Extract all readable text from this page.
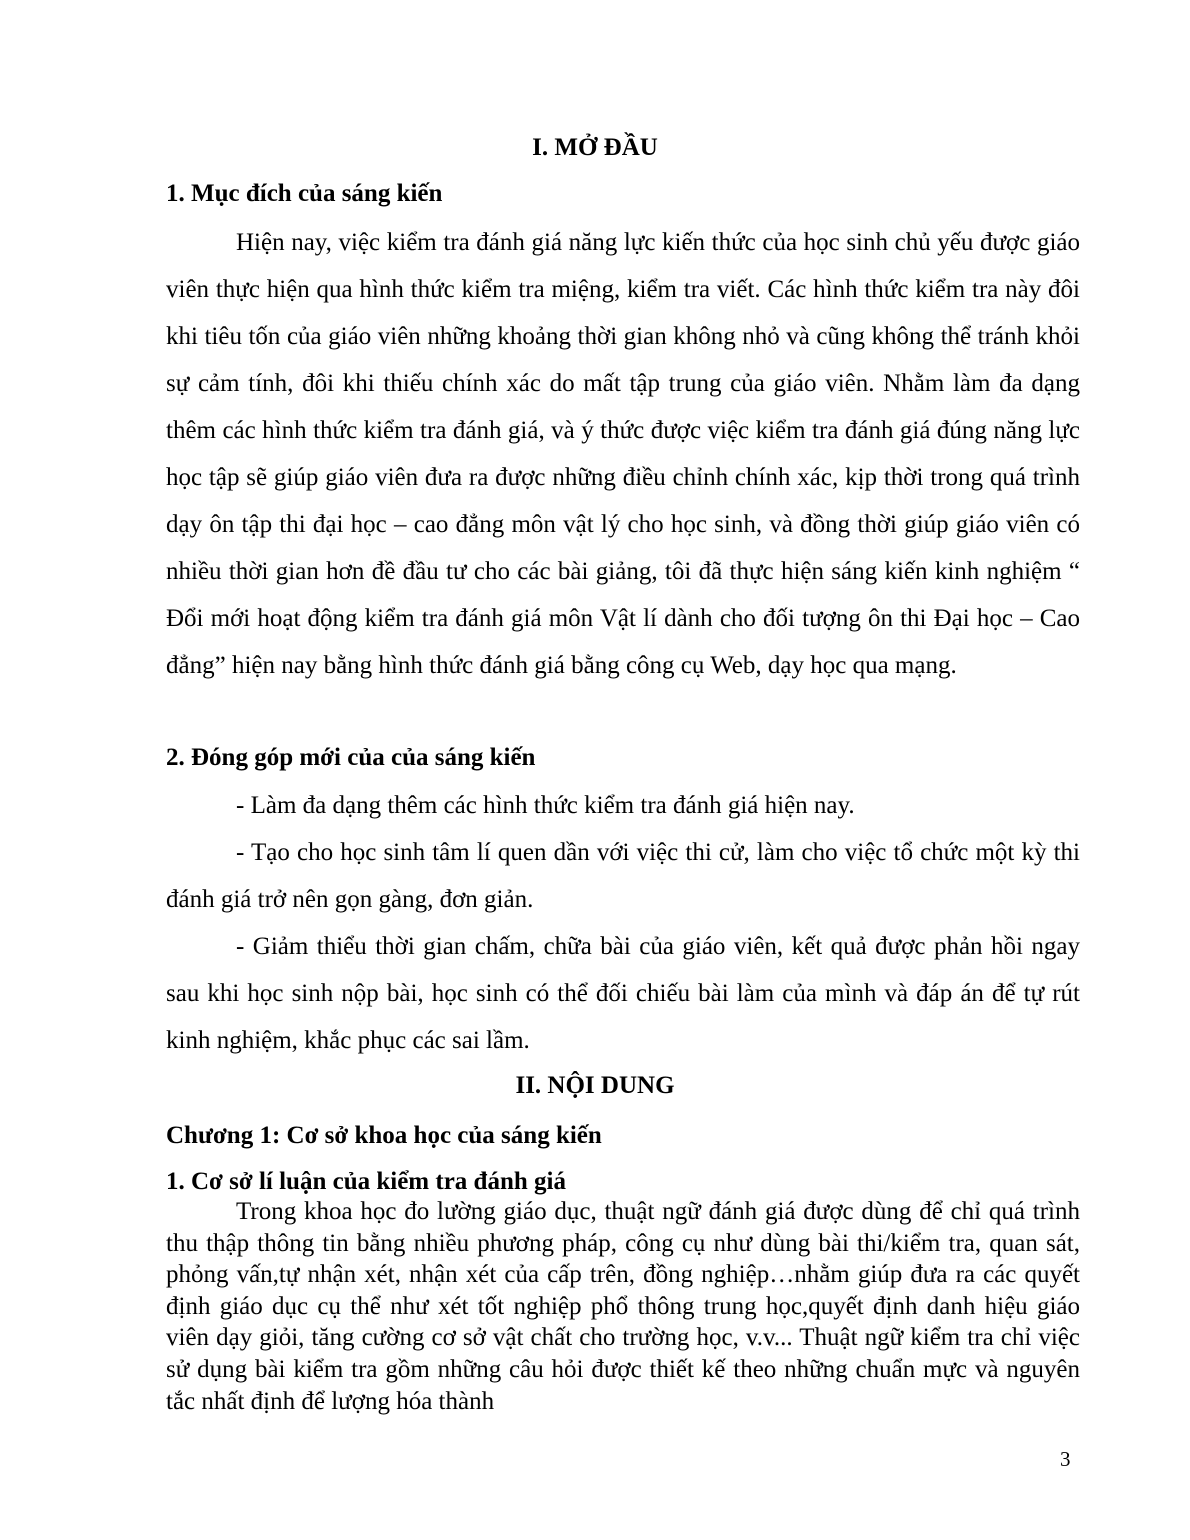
I. MỞ ĐẦU
1. Mục đích của sáng kiến

Hiện nay, việc kiểm tra đánh giá năng lực kiến thức của học sinh chủ yếu được giáo viên thực hiện qua hình thức kiểm tra miệng, kiểm tra viết. Các hình thức kiểm tra này đôi khi tiêu tốn của giáo viên những khoảng thời gian không nhỏ và cũng không thể tránh khỏi sự cảm tính, đôi khi thiếu chính xác do mất tập trung của giáo viên. Nhằm làm đa dạng thêm các hình thức kiểm tra đánh giá, và ý thức được việc kiểm tra đánh giá đúng năng lực học tập sẽ giúp giáo viên đưa ra được những điều chỉnh chính xác, kịp thời trong quá trình dạy ôn tập thi đại học – cao đẳng môn vật lý cho học sinh, và đồng thời giúp giáo viên có nhiều thời gian hơn đề đầu tư cho các bài giảng, tôi đã thực hiện sáng kiến kinh nghiệm “ Đổi mới hoạt động kiểm tra đánh giá môn Vật lí dành cho đối tượng ôn thi Đại học – Cao đẳng” hiện nay bằng hình thức đánh giá bằng công cụ Web, dạy học qua mạng.

2. Đóng góp mới của của sáng kiến

- Làm đa dạng thêm các hình thức kiểm tra đánh giá hiện nay.

- Tạo cho học sinh tâm lí quen dần với việc thi cử, làm cho việc tổ chức một kỳ thi đánh giá trở nên gọn gàng, đơn giản.

- Giảm thiểu thời gian chấm, chữa bài của giáo viên, kết quả được phản hồi ngay sau khi học sinh nộp bài, học sinh có thể đối chiếu bài làm của mình và đáp án để tự rút kinh nghiệm, khắc phục các sai lầm.

II. NỘI DUNG
Chương 1: Cơ sở khoa học của sáng kiến
1. Cơ sở lí luận của kiểm tra đánh giá

Trong khoa học đo lường giáo dục, thuật ngữ đánh giá được dùng để chỉ quá trình thu thập thông tin bằng nhiều phương pháp, công cụ như dùng bài thi/kiểm tra, quan sát, phỏng vấn,tự nhận xét, nhận xét của cấp trên, đồng nghiệp…nhằm giúp đưa ra các quyết định giáo dục cụ thể như xét tốt nghiệp phổ thông trung học,quyết định danh hiệu giáo viên dạy giỏi, tăng cường cơ sở vật chất cho trường học, v.v... Thuật ngữ kiểm tra chỉ việc sử dụng bài kiểm tra gồm những câu hỏi được thiết kế theo những chuẩn mực và nguyên tắc nhất định để lượng hóa thành

3
